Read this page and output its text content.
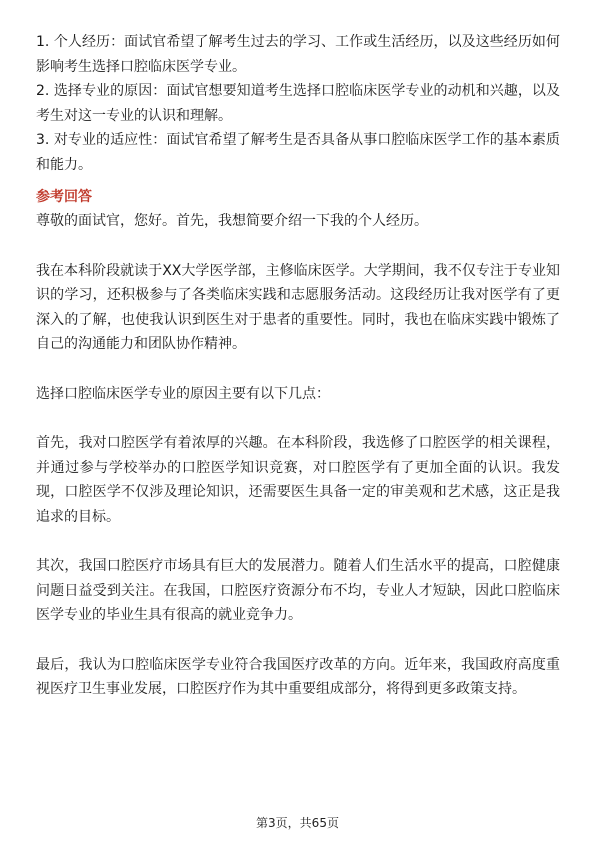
1. 个人经历：面试官希望了解考生过去的学习、工作或生活经历，以及这些经历如何影响考生选择口腔临床医学专业。

2. 选择专业的原因：面试官想要知道考生选择口腔临床医学专业的动机和兴趣，以及考生对这一专业的认识和理解。

3. 对专业的适应性：面试官希望了解考生是否具备从事口腔临床医学工作的基本素质和能力。

参考回答

尊敬的面试官，您好。首先，我想简要介绍一下我的个人经历。

我在本科阶段就读于XX大学医学部，主修临床医学。大学期间，我不仅专注于专业知识的学习，还积极参与了各类临床实践和志愿服务活动。这段经历让我对医学有了更深入的了解，也使我认识到医生对于患者的重要性。同时，我也在临床实践中锻炼了自己的沟通能力和团队协作精神。

选择口腔临床医学专业的原因主要有以下几点：

首先，我对口腔医学有着浓厚的兴趣。在本科阶段，我选修了口腔医学的相关课程，并通过参与学校举办的口腔医学知识竞赛，对口腔医学有了更加全面的认识。我发现，口腔医学不仅涉及理论知识，还需要医生具备一定的审美观和艺术感，这正是我追求的目标。

其次，我国口腔医疗市场具有巨大的发展潜力。随着人们生活水平的提高，口腔健康问题日益受到关注。在我国，口腔医疗资源分布不均，专业人才短缺，因此口腔临床医学专业的毕业生具有很高的就业竞争力。

最后，我认为口腔临床医学专业符合我国医疗改革的方向。近年来，我国政府高度重视医疗卫生事业发展，口腔医疗作为其中重要组成部分，将得到更多政策支持。

第3页，共65页
